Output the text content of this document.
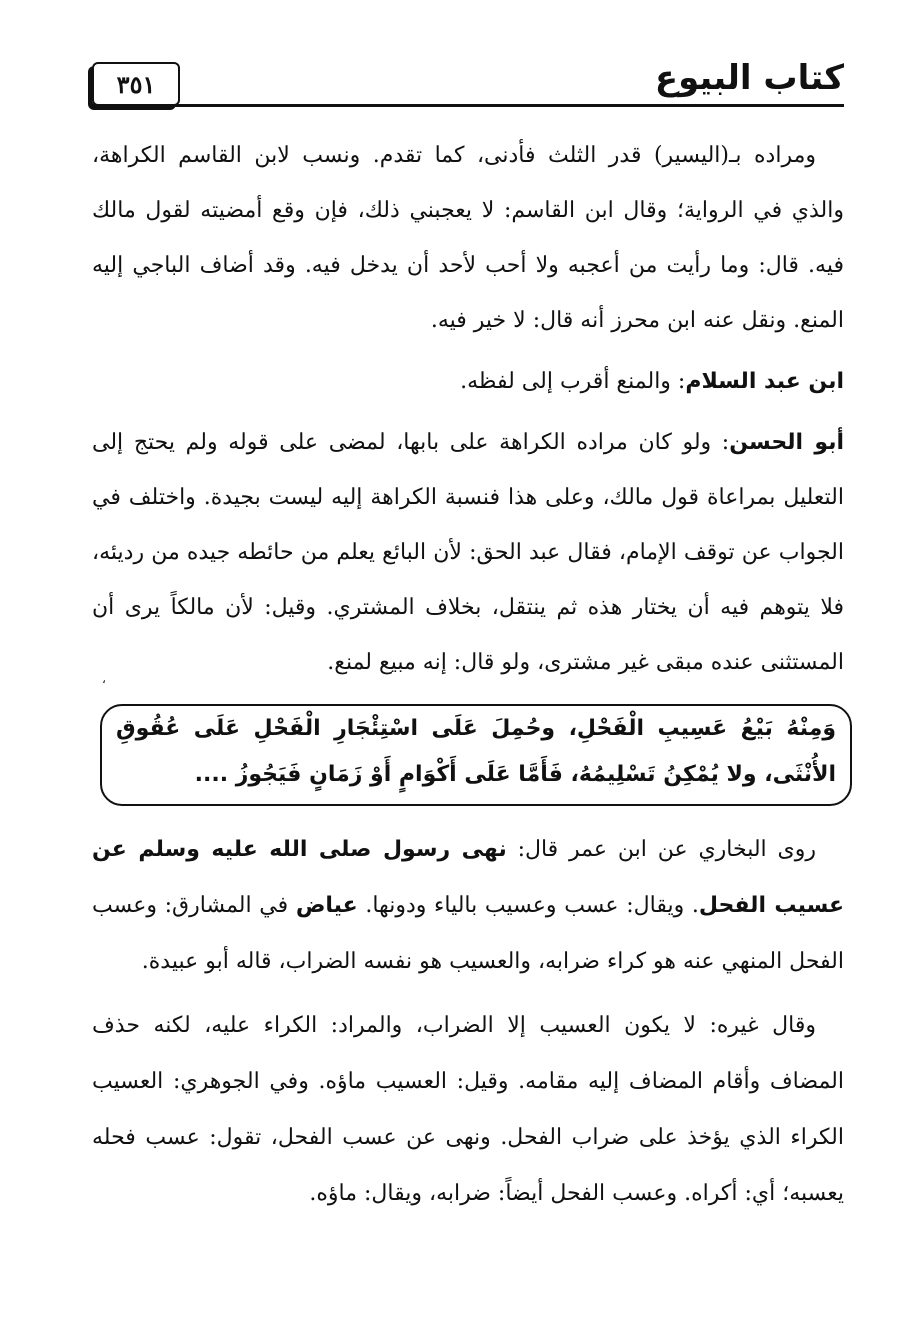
٣٥١	كتاب البيوع

ومراده بـ(اليسير) قدر الثلث فأدنى، كما تقدم. ونسب لابن القاسم الكراهة، والذي في الرواية؛ وقال ابن القاسم: لا يعجبني ذلك، فإن وقع أمضيته لقول مالك فيه. قال: وما رأيت من أعجبه ولا أحب لأحد أن يدخل فيه. وقد أضاف الباجي إليه المنع. ونقل عنه ابن محرز أنه قال: لا خير فيه.

ابن عبد السلام: والمنع أقرب إلى لفظه.

أبو الحسن: ولو كان مراده الكراهة على بابها، لمضى على قوله ولم يحتج إلى التعليل بمراعاة قول مالك، وعلى هذا فنسبة الكراهة إليه ليست بجيدة. واختلف في الجواب عن توقف الإمام، فقال عبد الحق: لأن البائع يعلم من حائطه جيده من رديئه، فلا يتوهم فيه أن يختار هذه ثم ينتقل، بخلاف المشتري. وقيل: لأن مالكاً يرى أن المستثنى عنده مبقى غير مشترى، ولو قال: إنه مبيع لمنع.

،
وَمِنْهُ بَيْعُ عَسِيبِ الْفَحْلِ، وحُمِلَ عَلَى اسْتِئْجَارِ الْفَحْلِ عَلَى عُقُوقِ الأُنْثَى، ولا يُمْكِنُ تَسْلِيمُهُ، فَأَمَّا عَلَى أَكْوَامٍ أَوْ زَمَانٍ فَيَجُوزُ ....

روى البخاري عن ابن عمر قال: نهى رسول صلى الله عليه وسلم عن عسيب الفحل. ويقال: عسب وعسيب بالياء ودونها. عياض في المشارق: وعسب الفحل المنهي عنه هو كراء ضرابه، والعسيب هو نفسه الضراب، قاله أبو عبيدة.

وقال غيره: لا يكون العسيب إلا الضراب، والمراد: الكراء عليه، لكنه حذف المضاف وأقام المضاف إليه مقامه. وقيل: العسيب ماؤه. وفي الجوهري: العسيب الكراء الذي يؤخذ على ضراب الفحل. ونهى عن عسب الفحل، تقول: عسب فحله يعسبه؛ أي: أكراه. وعسب الفحل أيضاً: ضرابه، ويقال: ماؤه.
